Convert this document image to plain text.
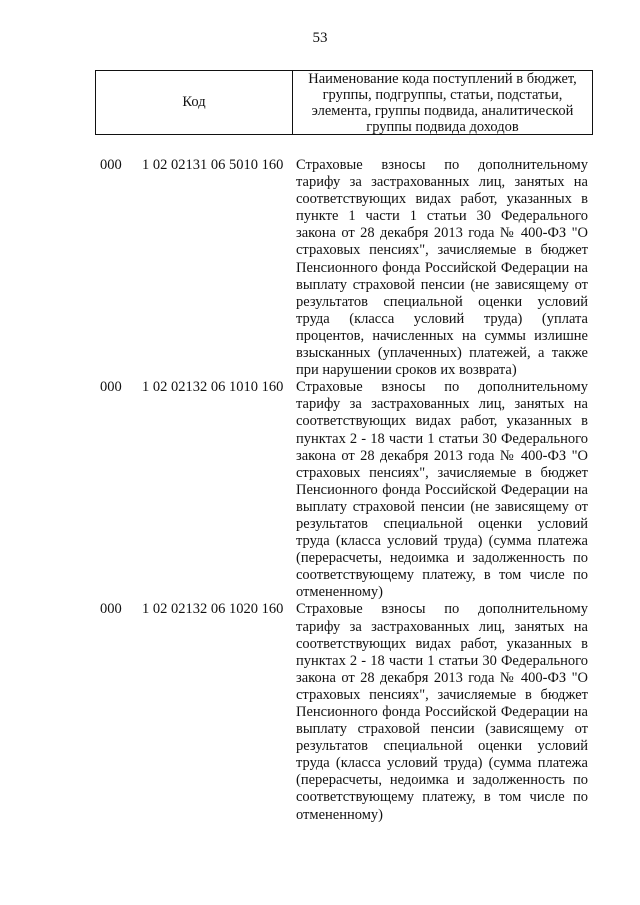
53
Код
Наименование кода поступлений в бюджет, группы, подгруппы, статьи, подстатьи, элемента, группы подвида, аналитической группы подвида доходов
000 1 02 02131 06 5010 160 Страховые взносы по дополнительному тарифу за застрахованных лиц, занятых на соответствующих видах работ, указанных в пункте 1 части 1 статьи 30 Федерального закона от 28 декабря 2013 года № 400-ФЗ "О страховых пенсиях", зачисляемые в бюджет Пенсионного фонда Российской Федерации на выплату страховой пенсии (не зависящему от результатов специальной оценки условий труда (класса условий труда) (уплата процентов, начисленных на суммы излишне взысканных (уплаченных) платежей, а также при нарушении сроков их возврата)
000 1 02 02132 06 1010 160 Страховые взносы по дополнительному тарифу за застрахованных лиц, занятых на соответствующих видах работ, указанных в пунктах 2 - 18 части 1 статьи 30 Федерального закона от 28 декабря 2013 года № 400-ФЗ "О страховых пенсиях", зачисляемые в бюджет Пенсионного фонда Российской Федерации на выплату страховой пенсии (не зависящему от результатов специальной оценки условий труда (класса условий труда) (сумма платежа (перерасчеты, недоимка и задолженность по соответствующему платежу, в том числе по отмененному)
000 1 02 02132 06 1020 160 Страховые взносы по дополнительному тарифу за застрахованных лиц, занятых на соответствующих видах работ, указанных в пунктах 2 - 18 части 1 статьи 30 Федерального закона от 28 декабря 2013 года № 400-ФЗ "О страховых пенсиях", зачисляемые в бюджет Пенсионного фонда Российской Федерации на выплату страховой пенсии (зависящему от результатов специальной оценки условий труда (класса условий труда) (сумма платежа (перерасчеты, недоимка и задолженность по соответствующему платежу, в том числе по отмененному)
